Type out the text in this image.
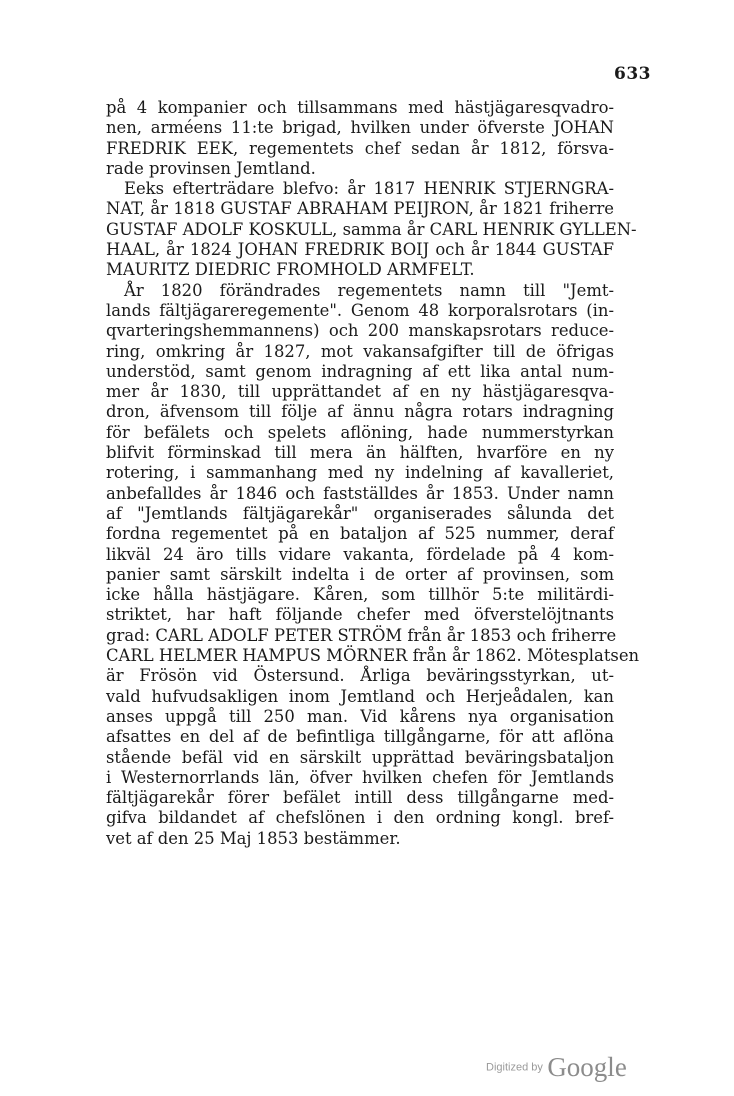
633
på 4 kompanier och tillsammans med hästjägaresqvadro-
nen, arméens 11:te brigad, hvilken under öfverste JOHAN
FREDRIK EEK, regementets chef sedan år 1812, försva-
rade provinsen Jemtland.
Eeks efterträdare blefvo: år 1817 HENRIK STJERNGRA-
NAT, år 1818 GUSTAF ABRAHAM PEIJRON, år 1821 friherre
GUSTAF ADOLF KOSKULL, samma år CARL HENRIK GYLLEN-
HAAL, år 1824 JOHAN FREDRIK BOIJ och år 1844 GUSTAF
MAURITZ DIEDRIC FROMHOLD ARMFELT.
År 1820 förändrades regementets namn till "Jemt-
lands fältjägareregemente". Genom 48 korporalsrotars (in-
qvarteringshemmannens) och 200 manskapsrotars reduce-
ring, omkring år 1827, mot vakansafgifter till de öfrigas
understöd, samt genom indragning af ett lika antal num-
mer år 1830, till upprättandet af en ny hästjägaresqva-
dron, äfvensom till följe af ännu några rotars indragning
för befälets och spelets aflöning, hade nummerstyrkan
blifvit förminskad till mera än hälften, hvarföre en ny
rotering, i sammanhang med ny indelning af kavalleriet,
anbefalldes år 1846 och fastställdes år 1853. Under namn
af "Jemtlands fältjägarekår" organiserades sålunda det
fordna regementet på en bataljon af 525 nummer, deraf
likväl 24 äro tills vidare vakanta, fördelade på 4 kom-
panier samt särskilt indelta i de orter af provinsen, som
icke hålla hästjägare. Kåren, som tillhör 5:te militärdi-
striktet, har haft följande chefer med öfverstelöjtnants
grad: CARL ADOLF PETER STRÖM från år 1853 och friherre
CARL HELMER HAMPUS MÖRNER från år 1862. Mötesplatsen
är Frösön vid Östersund. Årliga beväringsstyrkan, ut-
vald hufvudsakligen inom Jemtland och Herjeådalen, kan
anses uppgå till 250 man. Vid kårens nya organisation
afsattes en del af de befintliga tillgångarne, för att aflöna
stående befäl vid en särskilt upprättad beväringsbataljon
i Westernorrlands län, öfver hvilken chefen för Jemtlands
fältjägarekår förer befälet intill dess tillgångarne med-
gifva bildandet af chefslönen i den ordning kongl. bref-
vet af den 25 Maj 1853 bestämmer.
Digitized by Google
